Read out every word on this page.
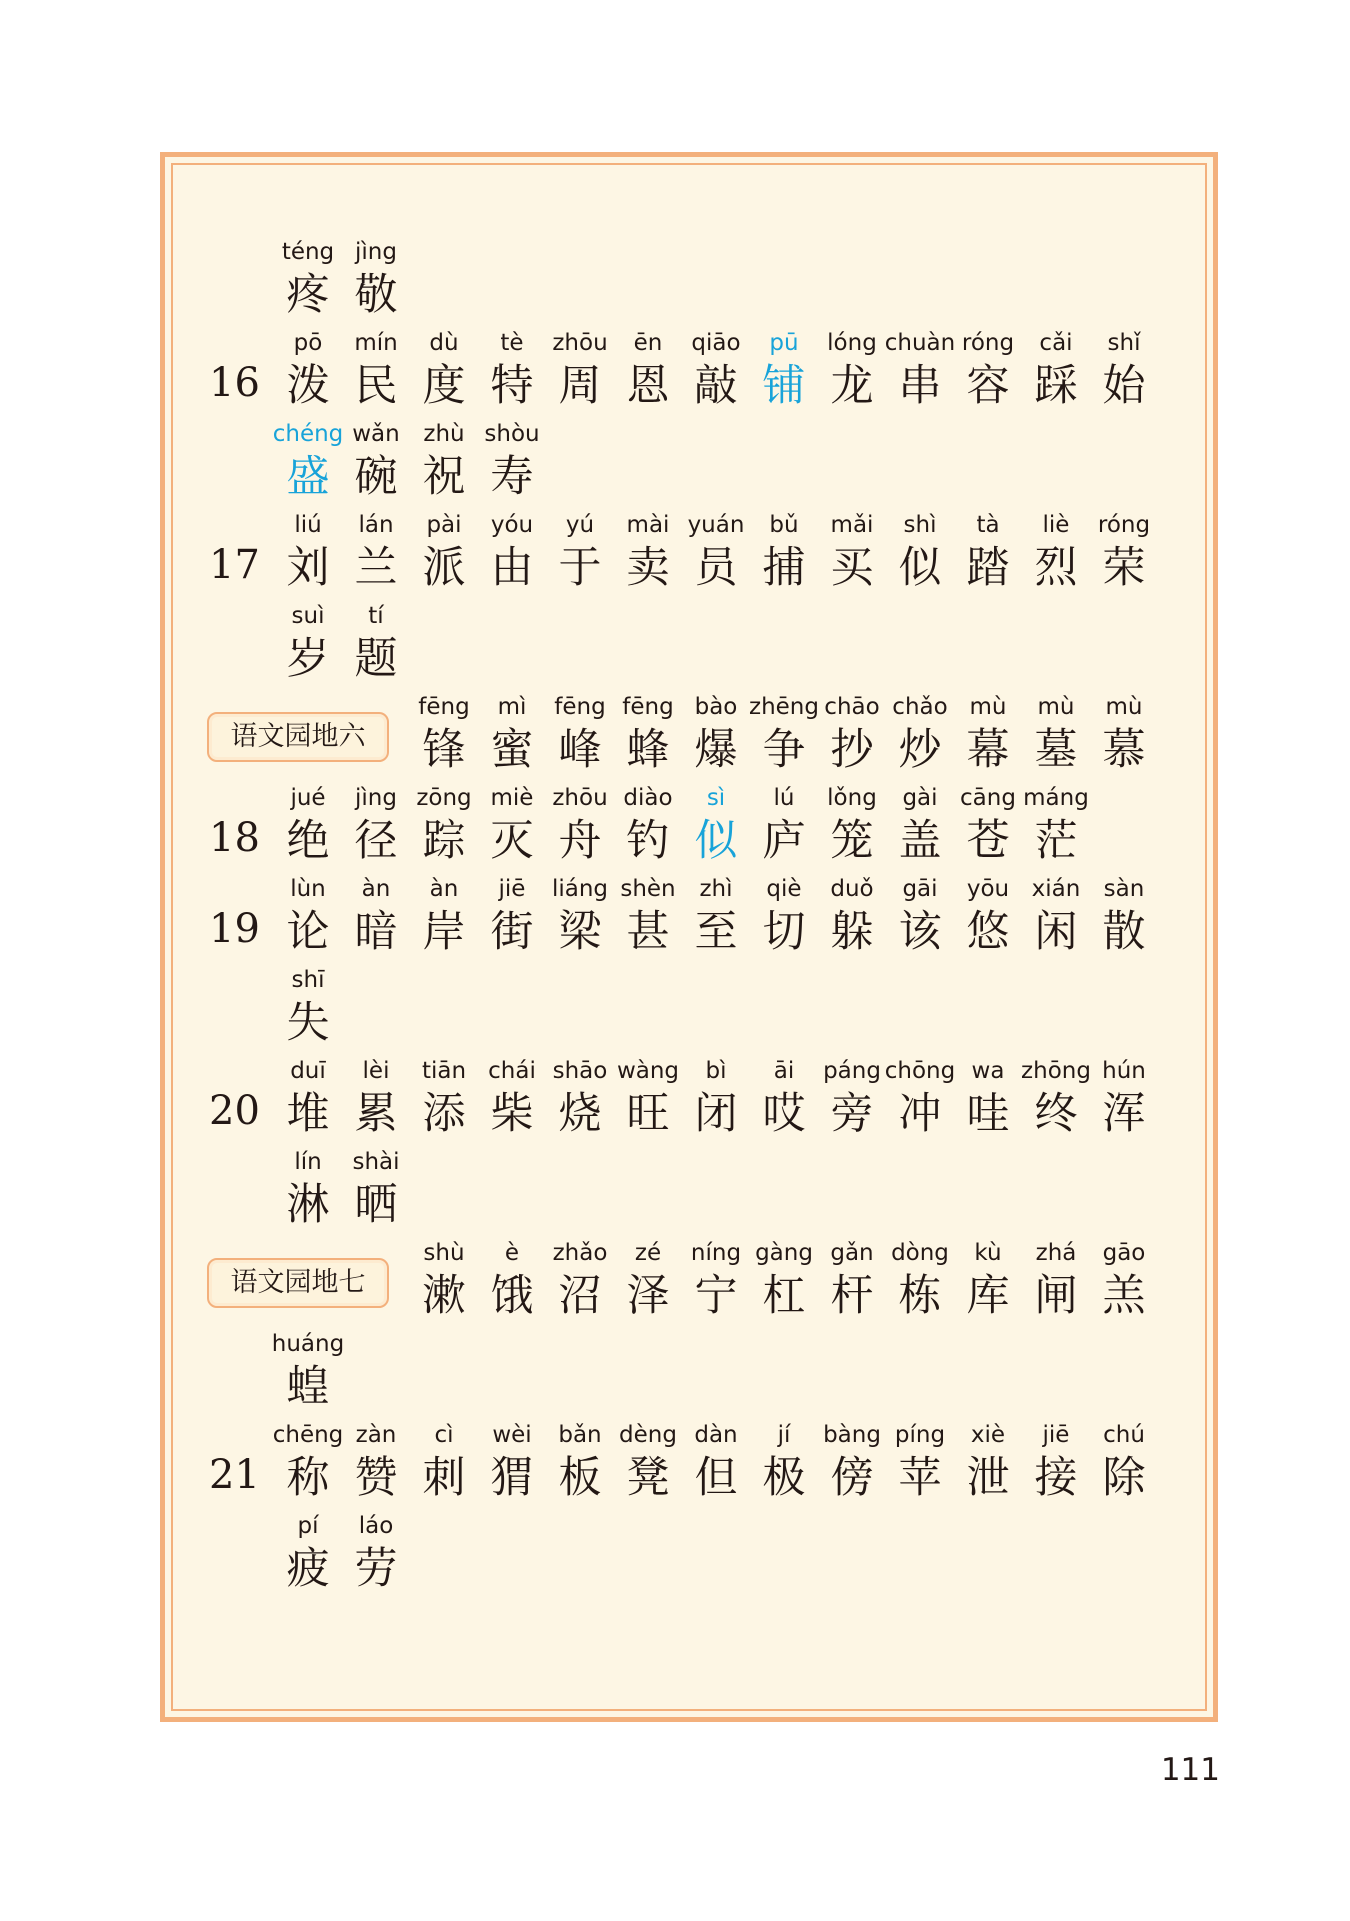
téng
疼
jìng
敬
16
pō
泼
mín
民
dù
度
tè
特
zhōu
周
ēn
恩
qiāo
敲
pū
铺
lóng
龙
chuàn
串
róng
容
cǎi
踩
shǐ
始
chéng
盛
wǎn
碗
zhù
祝
shòu
寿
17
liú
刘
lán
兰
pài
派
yóu
由
yú
于
mài
卖
yuán
员
bǔ
捕
mǎi
买
shì
似
tà
踏
liè
烈
róng
荣
suì
岁
tí
题
语文园地六
fēng
锋
mì
蜜
fēng
峰
fēng
蜂
bào
爆
zhēng
争
chāo
抄
chǎo
炒
mù
幕
mù
墓
mù
慕
18
jué
绝
jìng
径
zōng
踪
miè
灭
zhōu
舟
diào
钓
sì
似
lú
庐
lǒng
笼
gài
盖
cāng
苍
máng
茫
19
lùn
论
àn
暗
àn
岸
jiē
街
liáng
梁
shèn
甚
zhì
至
qiè
切
duǒ
躲
gāi
该
yōu
悠
xián
闲
sàn
散
shī
失
20
duī
堆
lèi
累
tiān
添
chái
柴
shāo
烧
wàng
旺
bì
闭
āi
哎
páng
旁
chōng
冲
wa
哇
zhōng
终
hún
浑
lín
淋
shài
晒
语文园地七
shù
漱
è
饿
zhǎo
沼
zé
泽
níng
宁
gàng
杠
gǎn
杆
dòng
栋
kù
库
zhá
闸
gāo
羔
huáng
蝗
21
chēng
称
zàn
赞
cì
刺
wèi
猬
bǎn
板
dèng
凳
dàn
但
jí
极
bàng
傍
píng
苹
xiè
泄
jiē
接
chú
除
pí
疲
láo
劳
111
